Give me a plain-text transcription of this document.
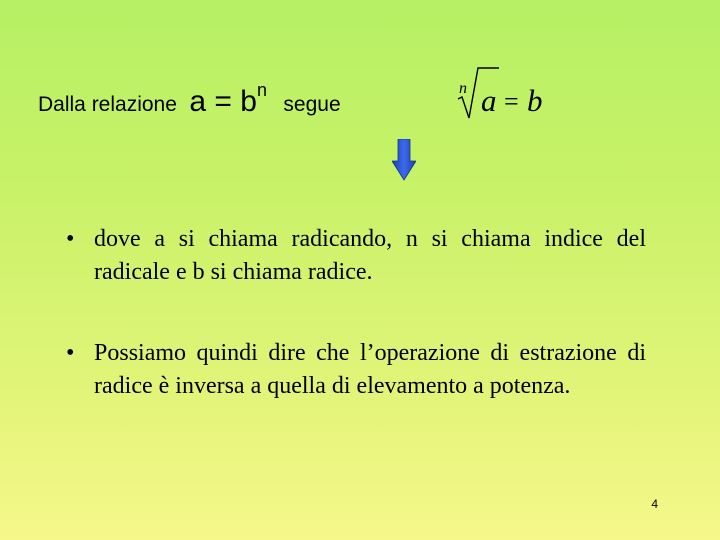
Dalla relazione $a = b^n$ segue
n a = b
• dove a si chiama radicando, n si chiama indice del radicale e b si chiama radice.
• Possiamo quindi dire che l’operazione di estrazione di radice è inversa a quella di elevamento a potenza.
4
